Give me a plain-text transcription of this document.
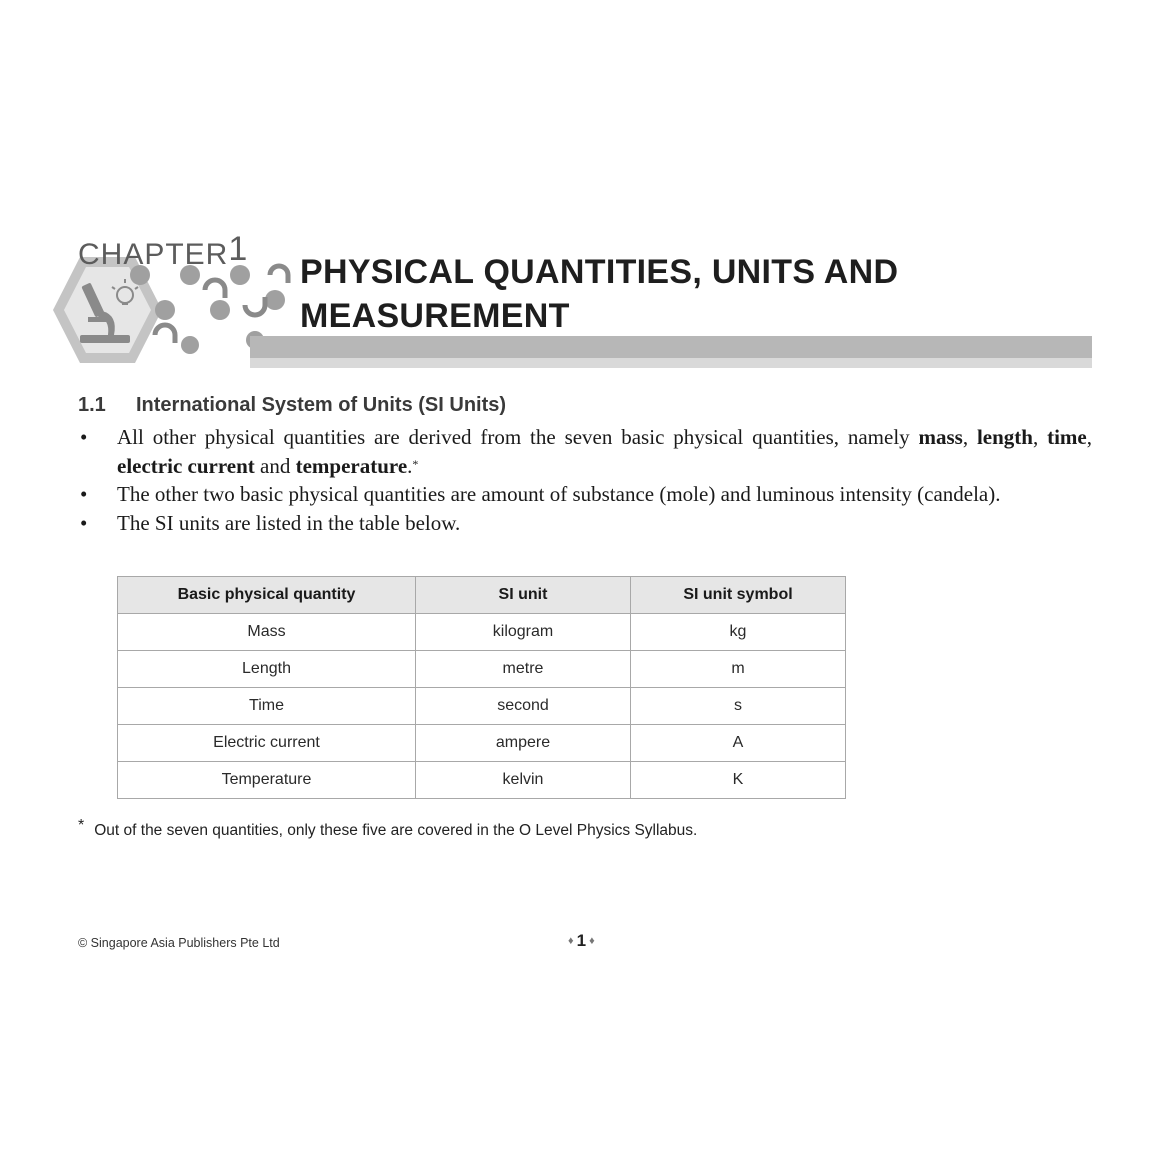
CHAPTER1
PHYSICAL QUANTITIES, UNITS AND
MEASUREMENT
1.1 International System of Units (SI Units)
• All other physical quantities are derived from the seven basic physical quantities, namely mass, length, time, electric current and temperature.*
• The other two basic physical quantities are amount of substance (mole) and luminous intensity (candela).
• The SI units are listed in the table below.
Basic physical quantity	SI unit	SI unit symbol
Mass	kilogram	kg
Length	metre	m
Time	second	s
Electric current	ampere	A
Temperature	kelvin	K
* Out of the seven quantities, only these five are covered in the O Level Physics Syllabus.
© Singapore Asia Publishers Pte Ltd	♦ 1 ♦
